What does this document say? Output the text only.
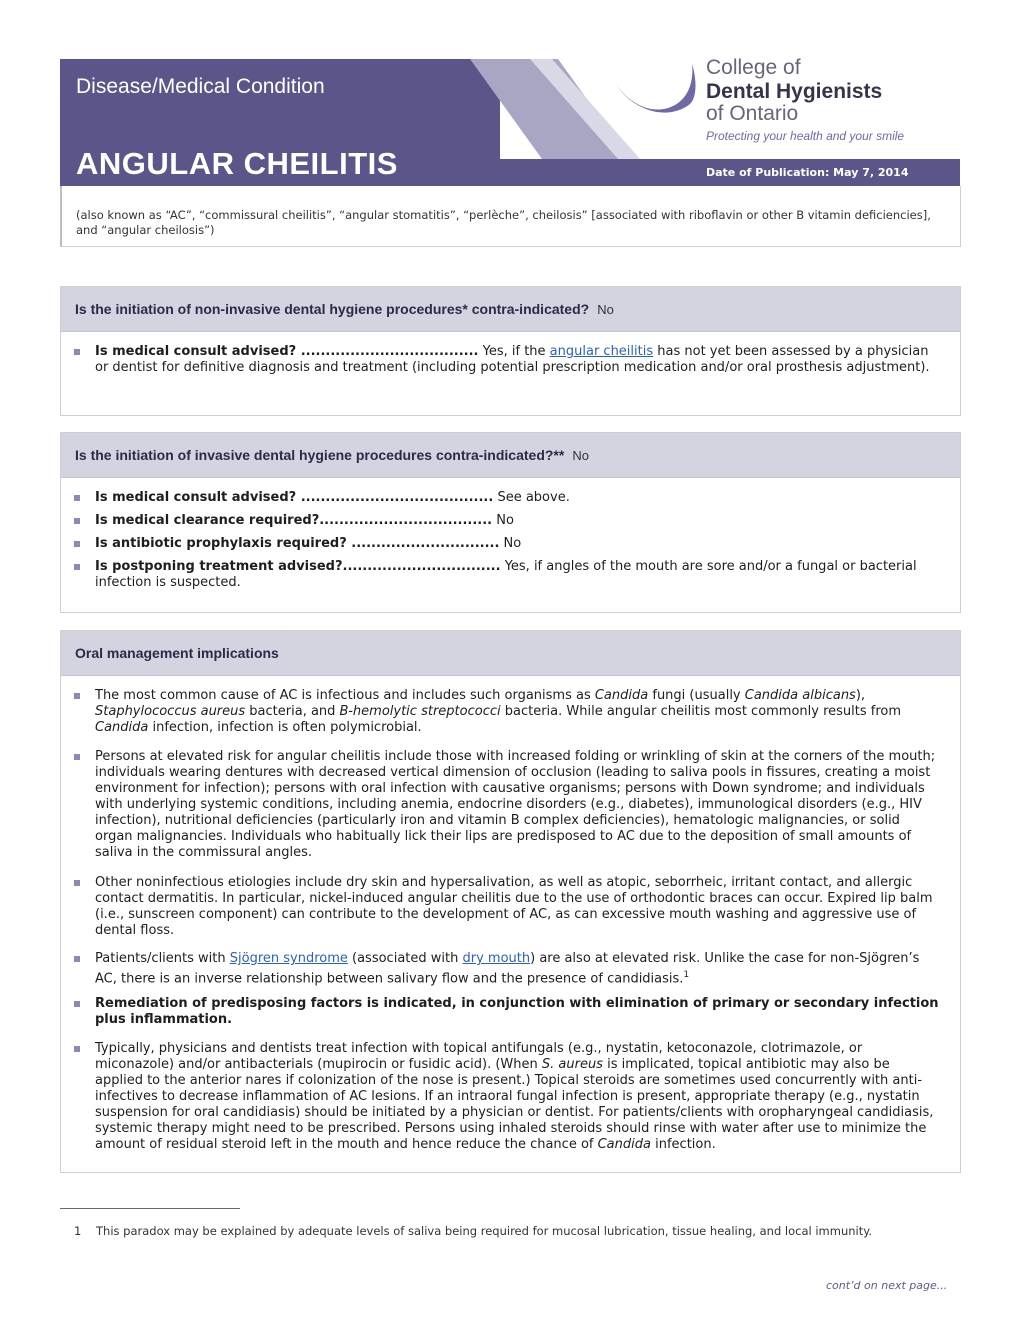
Disease/Medical Condition
ANGULAR CHEILITIS	Date of Publication: May 7, 2014
College of
Dental Hygienists
of Ontario
Protecting your health and your smile
(also known as “AC”, “commissural cheilitis”, “angular stomatitis”, “perlèche”, cheilosis” [associated with riboflavin or other B vitamin deficiencies], and “angular cheilosis”)
Is the initiation of non-invasive dental hygiene procedures* contra-indicated? No
Is medical consult advised? .................................... Yes, if the angular cheilitis has not yet been assessed by a physician or dentist for definitive diagnosis and treatment (including potential prescription medication and/or oral prosthesis adjustment).
Is the initiation of invasive dental hygiene procedures contra-indicated?** No
Is medical consult advised? ....................................... See above.
Is medical clearance required?................................... No
Is antibiotic prophylaxis required? .............................. No
Is postponing treatment advised?................................ Yes, if angles of the mouth are sore and/or a fungal or bacterial infection is suspected.
Oral management implications
The most common cause of AC is infectious and includes such organisms as Candida fungi (usually Candida albicans), Staphylococcus aureus bacteria, and B-hemolytic streptococci bacteria. While angular cheilitis most commonly results from Candida infection, infection is often polymicrobial.
Persons at elevated risk for angular cheilitis include those with increased folding or wrinkling of skin at the corners of the mouth; individuals wearing dentures with decreased vertical dimension of occlusion (leading to saliva pools in fissures, creating a moist environment for infection); persons with oral infection with causative organisms; persons with Down syndrome; and individuals with underlying systemic conditions, including anemia, endocrine disorders (e.g., diabetes), immunological disorders (e.g., HIV infection), nutritional deficiencies (particularly iron and vitamin B complex deficiencies), hematologic malignancies, or solid organ malignancies. Individuals who habitually lick their lips are predisposed to AC due to the deposition of small amounts of saliva in the commissural angles.
Other noninfectious etiologies include dry skin and hypersalivation, as well as atopic, seborrheic, irritant contact, and allergic contact dermatitis. In particular, nickel-induced angular cheilitis due to the use of orthodontic braces can occur. Expired lip balm (i.e., sunscreen component) can contribute to the development of AC, as can excessive mouth washing and aggressive use of dental floss.
Patients/clients with Sjögren syndrome (associated with dry mouth) are also at elevated risk. Unlike the case for non-Sjögren’s AC, there is an inverse relationship between salivary flow and the presence of candidiasis.$^1$
Remediation of predisposing factors is indicated, in conjunction with elimination of primary or secondary infection plus inflammation.
Typically, physicians and dentists treat infection with topical antifungals (e.g., nystatin, ketoconazole, clotrimazole, or miconazole) and/or antibacterials (mupirocin or fusidic acid). (When S. aureus is implicated, topical antibiotic may also be applied to the anterior nares if colonization of the nose is present.) Topical steroids are sometimes used concurrently with anti-infectives to decrease inflammation of AC lesions. If an intraoral fungal infection is present, appropriate therapy (e.g., nystatin suspension for oral candidiasis) should be initiated by a physician or dentist. For patients/clients with oropharyngeal candidiasis, systemic therapy might need to be prescribed. Persons using inhaled steroids should rinse with water after use to minimize the amount of residual steroid left in the mouth and hence reduce the chance of Candida infection.
1 This paradox may be explained by adequate levels of saliva being required for mucosal lubrication, tissue healing, and local immunity.
cont’d on next page...
